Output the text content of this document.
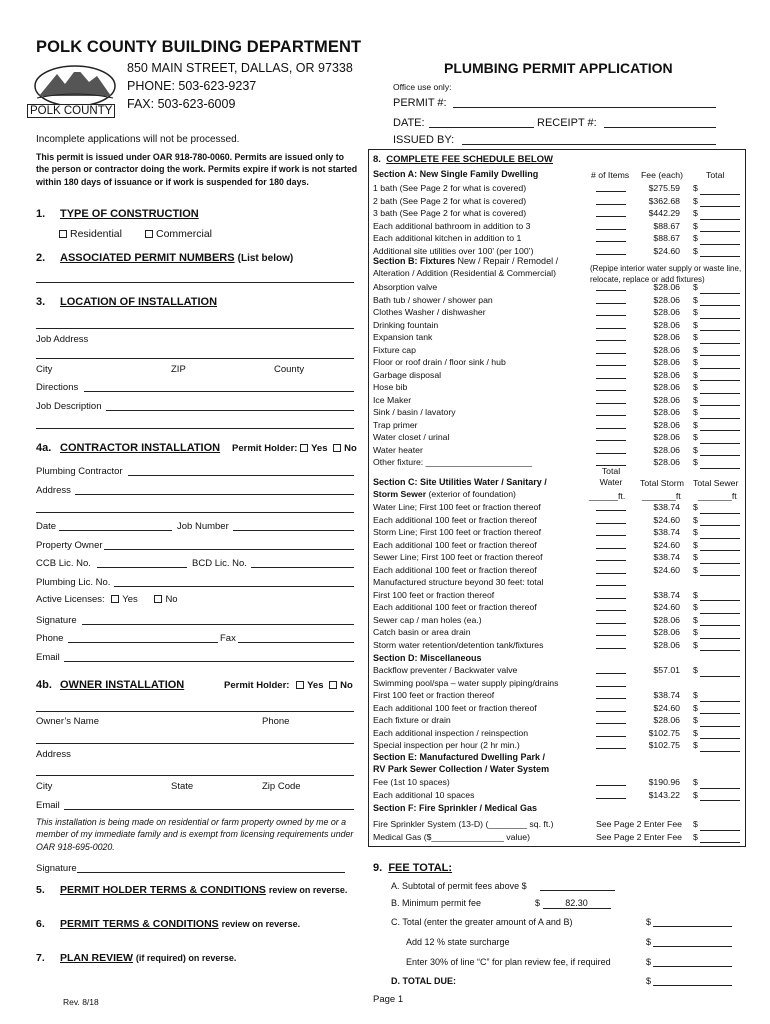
POLK COUNTY BUILDING DEPARTMENT
POLK COUNTY
850 MAIN STREET, DALLAS, OR 97338
PHONE: 503-623-9237
FAX: 503-623-6009
PLUMBING PERMIT APPLICATION
Office use only:
PERMIT #:
DATE:	RECEIPT #:
ISSUED BY:
Incomplete applications will not be processed.
This permit is issued under OAR 918-780-0060. Permits are issued only to the person or contractor doing the work. Permits expire if work is not started within 180 days of issuance or if work is suspended for 180 days.
1. TYPE OF CONSTRUCTION
Residential	Commercial
2. ASSOCIATED PERMIT NUMBERS (List below)
3. LOCATION OF INSTALLATION
Job Address
City	ZIP	County
Directions
Job Description
4a. CONTRACTOR INSTALLATION Permit Holder: Yes No
Plumbing Contractor
Address
Date	Job Number
Property Owner
CCB Lic. No.	BCD Lic. No.
Plumbing Lic. No.
Active Licenses: Yes	No
Signature
Phone	Fax
Email
4b. OWNER INSTALLATION	Permit Holder: Yes No
Owner’s Name	Phone
Address
City	State	Zip Code
Email
This installation is being made on residential or farm property owned by me or a member of my immediate family and is exempt from licensing requirements under OAR 918-695-0020.
Signature
5. PERMIT HOLDER TERMS & CONDITIONS review on reverse.
6. PERMIT TERMS & CONDITIONS review on reverse.
7. PLAN REVIEW (if required) on reverse.
Rev. 8/18
8. COMPLETE FEE SCHEDULE BELOW
Section A: New Single Family Dwelling	# of Items Fee (each)	Total
1 bath (See Page 2 for what is covered)	$275.59 $
2 bath (See Page 2 for what is covered)	$362.68 $
3 bath (See Page 2 for what is covered)	$442.29 $
Each additional bathroom in addition to 3	$88.67 $
Each additional kitchen in addition to 1	$88.67 $
Additional site utilities over 100’ (per 100’)	$24.60 $
Section B: Fixtures New / Repair / Remodel /
Alteration / Addition (Residential & Commercial)	(Repipe interior water supply or waste line, relocate, replace or add fixtures)
Absorption valve	$28.06 $
Bath tub / shower / shower pan	$28.06 $
Clothes Washer / dishwasher	$28.06 $
Drinking fountain	$28.06 $
Expansion tank	$28.06 $
Fixture cap	$28.06 $
Floor or roof drain / floor sink / hub	$28.06 $
Garbage disposal	$28.06 $
Hose bib	$28.06 $
Ice Maker	$28.06 $
Sink / basin / lavatory	$28.06 $
Trap primer	$28.06 $
Water closet / urinal	$28.06 $
Water heater	$28.06 $
Other fixture: ______________________	$28.06 $
Section C: Site Utilities Water / Sanitary /
Storm Sewer (exterior of foundation)
Total Water	Total Storm Total Sewer
______ft. _______ft _______ft
Water Line; First 100 feet or fraction thereof	$38.74 $
Each additional 100 feet or fraction thereof	$24.60 $
Storm Line; First 100 feet or fraction thereof	$38.74 $
Each additional 100 feet or fraction thereof	$24.60 $
Sewer Line; First 100 feet or fraction thereof	$38.74 $
Each additional 100 feet or fraction thereof	$24.60 $
Manufactured structure beyond 30 feet: total
First 100 feet or fraction thereof	$38.74 $
Each additional 100 feet or fraction thereof	$24.60 $
Sewer cap / man holes (ea.)	$28.06 $
Catch basin or area drain	$28.06 $
Storm water retention/detention tank/fixtures	$28.06 $
Section D: Miscellaneous
Backflow preventer / Backwater valve	$57.01 $
Swimming pool/spa – water supply piping/drains
First 100 feet or fraction thereof	$38.74 $
Each additional 100 feet or fraction thereof	$24.60 $
Each fixture or drain	$28.06 $
Each additional inspection / reinspection	$102.75 $
Special inspection per hour (2 hr min.)	$102.75 $
Section E: Manufactured Dwelling Park /
RV Park Sewer Collection / Water System
Fee (1st 10 spaces)	$190.96 $
Each additional 10 spaces	$143.22 $
Section F: Fire Sprinkler / Medical Gas
Fire Sprinkler System (13-D) (________ sq. ft.)	See Page 2 Enter Fee $
Medical Gas ($_______________ value)	See Page 2 Enter Fee $
9. FEE TOTAL:
A. Subtotal of permit fees above $
B. Minimum permit fee	$	82.30
C. Total (enter the greater amount of A and B)	$
Add 12 % state surcharge	$
Enter 30% of line “C” for plan review fee, if required	$
D. TOTAL DUE:	$
Page 1
